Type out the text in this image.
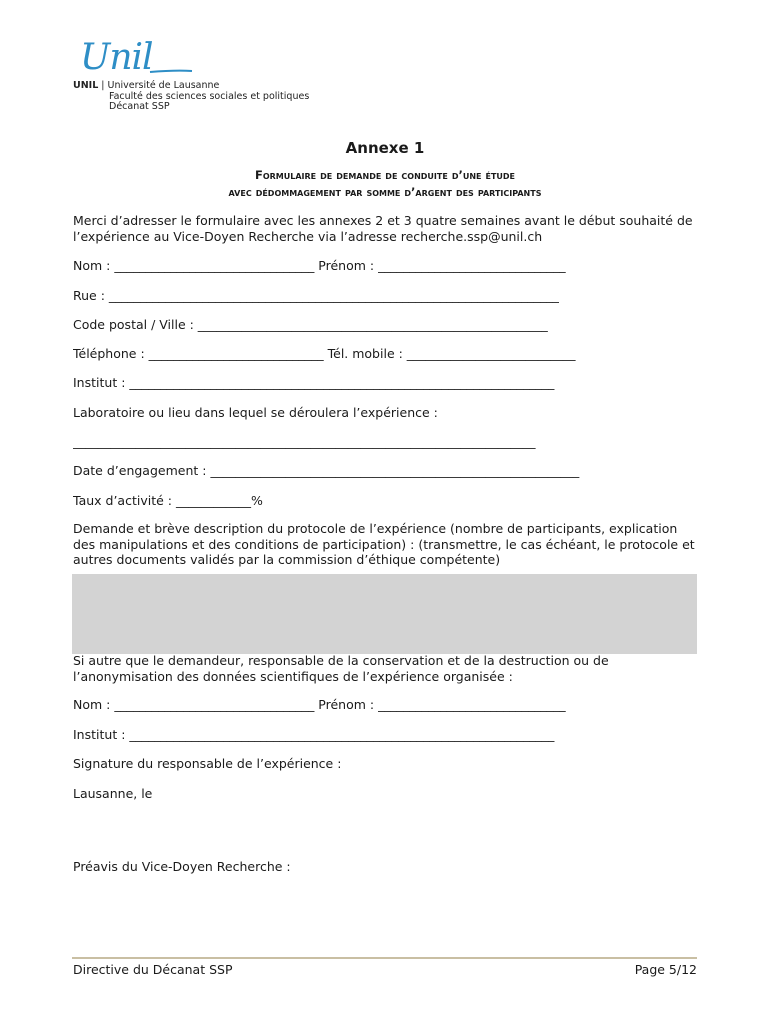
Unil
UNIL | Université de Lausanne
Faculté des sciences sociales et politiques
Décanat SSP
Annexe 1
Formulaire de demande de conduite d’une étude
avec dédommagement par somme d’argent des participants
Merci d’adresser le formulaire avec les annexes 2 et 3 quatre semaines avant le début souhaité de l’expérience au Vice-Doyen Recherche via l’adresse recherche.ssp@unil.ch
Nom : ________________________________ Prénom : ______________________________
Rue : ________________________________________________________________________
Code postal / Ville : ________________________________________________________
Téléphone : ____________________________ Tél. mobile : ___________________________
Institut : ____________________________________________________________________
Laboratoire ou lieu dans lequel se déroulera l’expérience :
__________________________________________________________________________
Date d’engagement : ___________________________________________________________
Taux d’activité : ____________%
Demande et brève description du protocole de l’expérience (nombre de participants, explication des manipulations et des conditions de participation) : (transmettre, le cas échéant, le protocole et autres documents validés par la commission d’éthique compétente)
Si autre que le demandeur, responsable de la conservation et de la destruction ou de l’anonymisation des données scientifiques de l’expérience organisée :
Nom : ________________________________ Prénom : ______________________________
Institut : ____________________________________________________________________
Signature du responsable de l’expérience :
Lausanne, le
Préavis du Vice-Doyen Recherche :
Directive du Décanat SSP	Page 5/12
